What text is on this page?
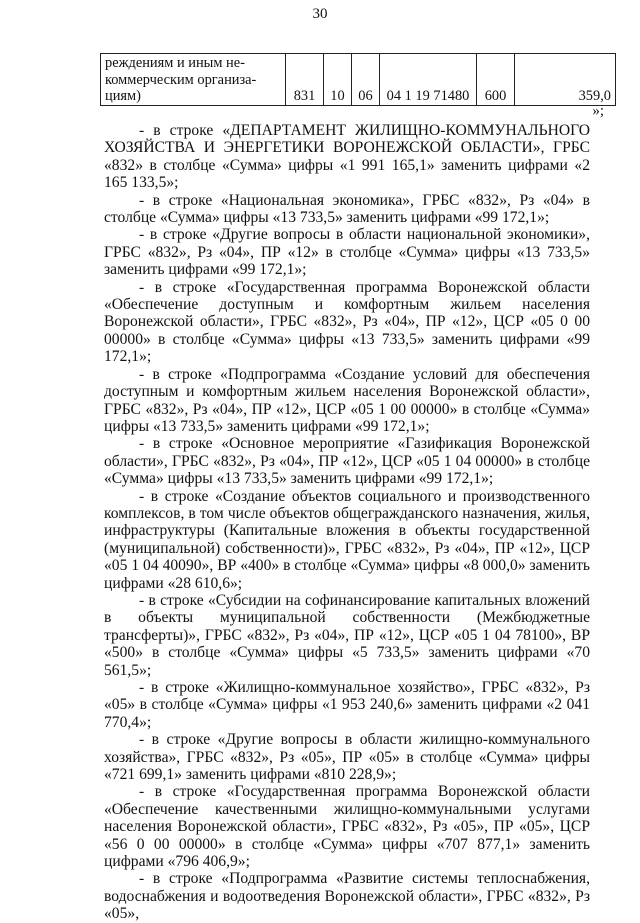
30
реждениям и иным не-
коммерческим организа-
циям)	831	10	06	04 1 19 71480	600	359,0
»;

- в строке «ДЕПАРТАМЕНТ ЖИЛИЩНО-КОММУНАЛЬНОГО ХОЗЯЙСТВА И ЭНЕРГЕТИКИ ВОРОНЕЖСКОЙ ОБЛАСТИ», ГРБС «832» в столбце «Сумма» цифры «1 991 165,1» заменить цифрами «2 165 133,5»;

- в строке «Национальная экономика», ГРБС «832», Рз «04» в столбце «Сумма» цифры «13 733,5» заменить цифрами «99 172,1»;

- в строке «Другие вопросы в области национальной экономики», ГРБС «832», Рз «04», ПР «12» в столбце «Сумма» цифры «13 733,5» заменить цифрами «99 172,1»;

- в строке «Государственная программа Воронежской области «Обеспечение доступным и комфортным жильем населения Воронежской области», ГРБС «832», Рз «04», ПР «12», ЦСР «05 0 00 00000» в столбце «Сумма» цифры «13 733,5» заменить цифрами «99 172,1»;

- в строке «Подпрограмма «Создание условий для обеспечения доступным и комфортным жильем населения Воронежской области», ГРБС «832», Рз «04», ПР «12», ЦСР «05 1 00 00000» в столбце «Сумма» цифры «13 733,5» заменить цифрами «99 172,1»;

- в строке «Основное мероприятие «Газификация Воронежской области», ГРБС «832», Рз «04», ПР «12», ЦСР «05 1 04 00000» в столбце «Сумма» цифры «13 733,5» заменить цифрами «99 172,1»;

- в строке «Создание объектов социального и производственного комплексов, в том числе объектов общегражданского назначения, жилья, инфраструктуры (Капитальные вложения в объекты государственной (муниципальной) собственности)», ГРБС «832», Рз «04», ПР «12», ЦСР «05 1 04 40090», ВР «400» в столбце «Сумма» цифры «8 000,0» заменить цифрами «28 610,6»;

- в строке «Субсидии на софинансирование капитальных вложений в объекты муниципальной собственности (Межбюджетные трансферты)», ГРБС «832», Рз «04», ПР «12», ЦСР «05 1 04 78100», ВР «500» в столбце «Сумма» цифры «5 733,5» заменить цифрами «70 561,5»;

- в строке «Жилищно-коммунальное хозяйство», ГРБС «832», Рз «05» в столбце «Сумма» цифры «1 953 240,6» заменить цифрами «2 041 770,4»;

- в строке «Другие вопросы в области жилищно-коммунального хозяйства», ГРБС «832», Рз «05», ПР «05» в столбце «Сумма» цифры «721 699,1» заменить цифрами «810 228,9»;

- в строке «Государственная программа Воронежской области «Обеспечение качественными жилищно-коммунальными услугами населения Воронежской области», ГРБС «832», Рз «05», ПР «05», ЦСР «56 0 00 00000» в столбце «Сумма» цифры «707 877,1» заменить цифрами «796 406,9»;

- в строке «Подпрограмма «Развитие системы теплоснабжения, водоснабжения и водоотведения Воронежской области», ГРБС «832», Рз «05»,
